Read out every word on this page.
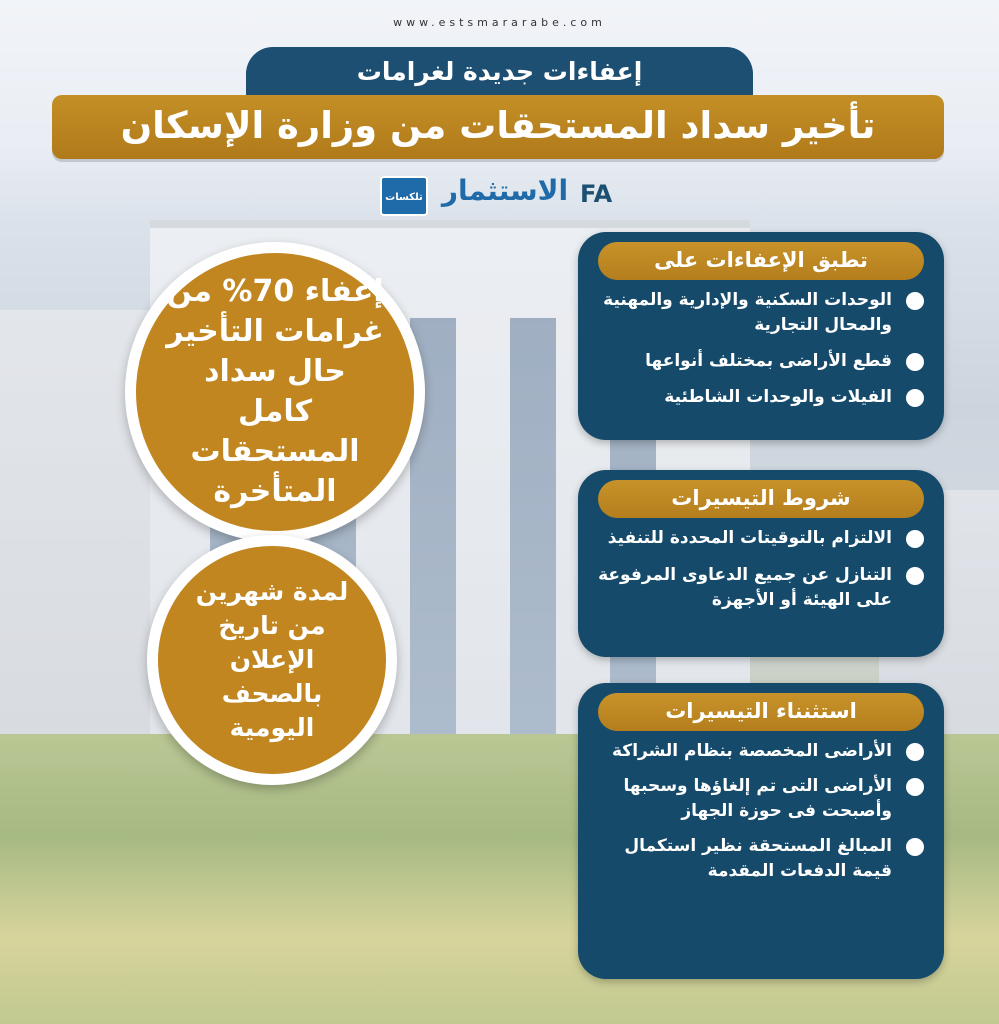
www.estsmararabe.com
إعفاءات جديدة لغرامات
تأخير سداد المستحقات من وزارة الإسكان
تلكسات الاستثمار FA
إعفاء 70% من غرامات التأخير حال سداد كامل المستحقات المتأخرة
لمدة شهرين من تاريخ الإعلان بالصحف اليومية
تطبق الإعفاءات على
الوحدات السكنية والإدارية والمهنية والمحال التجارية
قطع الأراضى بمختلف أنواعها
الفيلات والوحدات الشاطئية
شروط التيسيرات
الالتزام بالتوقيتات المحددة للتنفيذ
التنازل عن جميع الدعاوى المرفوعة على الهيئة أو الأجهزة
استثنناء التيسيرات
الأراضى المخصصة بنظام الشراكة
الأراضى التى تم إلغاؤها وسحبها وأصبحت فى حوزة الجهاز
المبالغ المستحقة نظير استكمال قيمة الدفعات المقدمة
